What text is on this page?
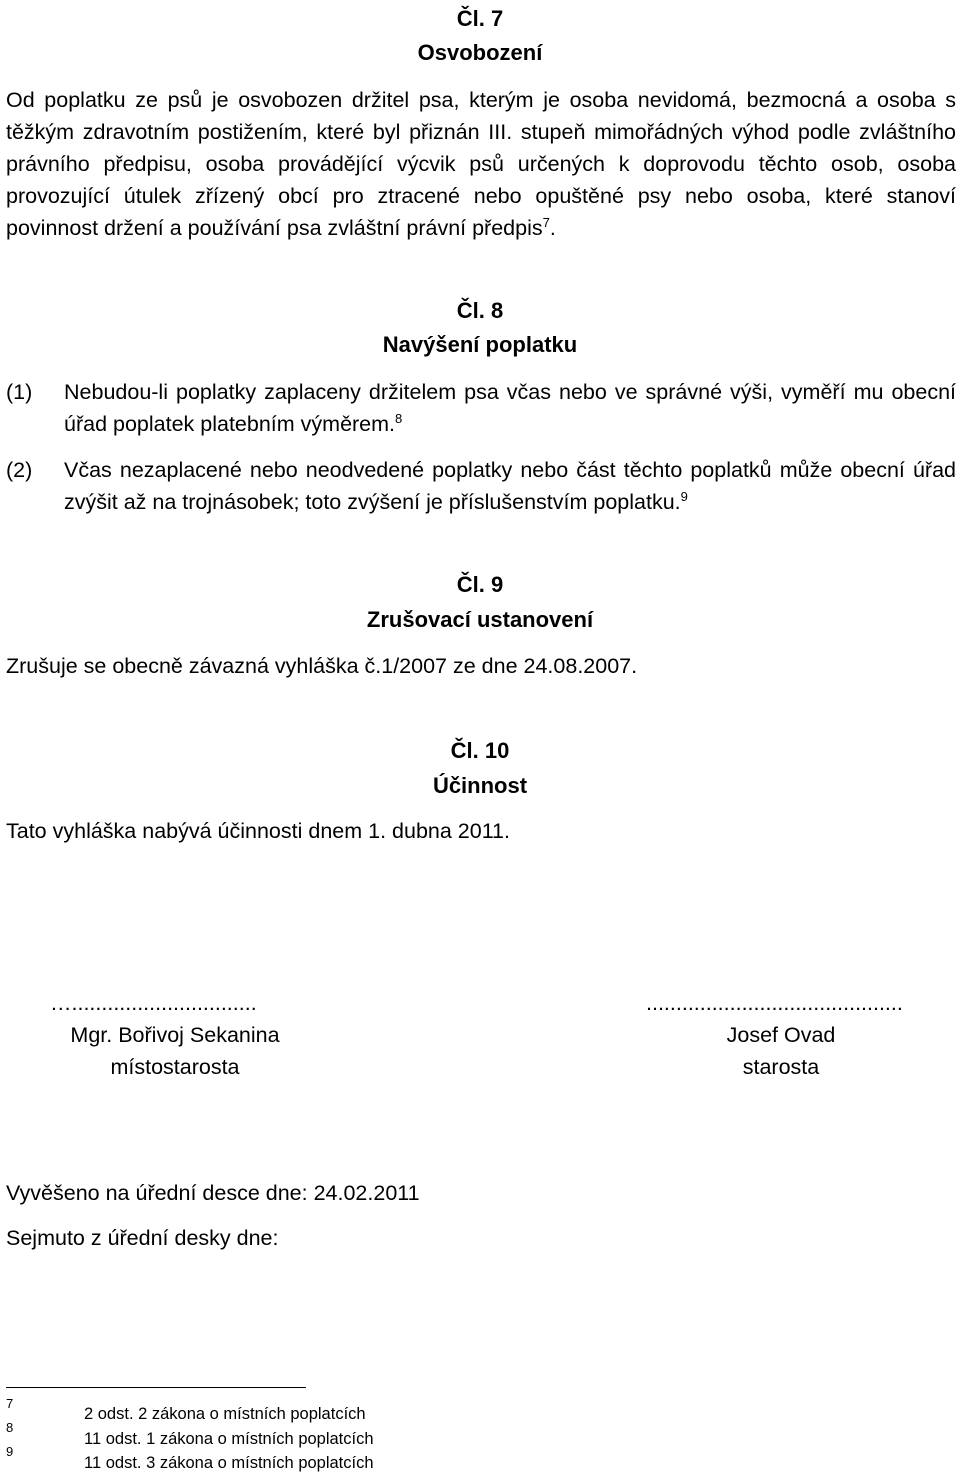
Čl. 7
Osvobození

Od poplatku ze psů je osvobozen držitel psa, kterým je osoba nevidomá, bezmocná a osoba s těžkým zdravotním postižením, které byl přiznán III. stupeň mimořádných výhod podle zvláštního právního předpisu, osoba provádějící výcvik psů určených k doprovodu těchto osob, osoba provozující útulek zřízený obcí pro ztracené nebo opuštěné psy nebo osoba, které stanoví povinnost držení a používání psa zvláštní právní předpis$^7$.

Čl. 8
Navýšení poplatku
(1) Nebudou-li poplatky zaplaceny držitelem psa včas nebo ve správné výši, vyměří mu obecní úřad poplatek platebním výměrem.$^8$

(2) Včas nezaplacené nebo neodvedené poplatky nebo část těchto poplatků může obecní úřad zvýšit až na trojnásobek; toto zvýšení je příslušenstvím poplatku.$^9$

Čl. 9
Zrušovací ustanovení
Zrušuje se obecně závazná vyhláška č.1/2007 ze dne 24.08.2007.
Čl. 10
Účinnost
Tato vyhláška nabývá účinnosti dnem 1. dubna 2011.
…...............................
Mgr. Bořivoj Sekanina
místostarosta
...........................................
Josef Ovad
starosta
Vyvěšeno na úřední desce dne: 24.02.2011
Sejmuto z úřední desky dne:
7
2 odst. 2 zákona o místních poplatcích
8
11 odst. 1 zákona o místních poplatcích
9
11 odst. 3 zákona o místních poplatcích
